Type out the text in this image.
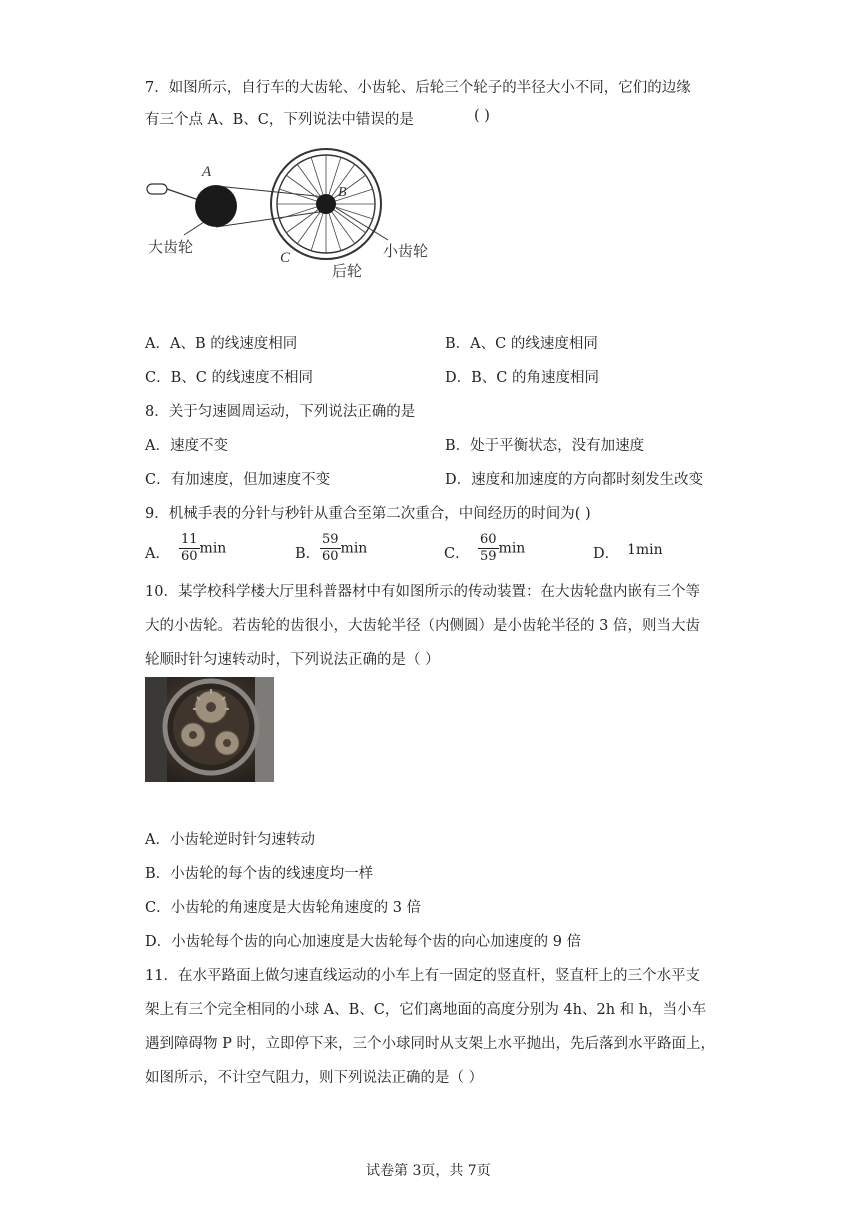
7．如图所示，自行车的大齿轮、小齿轮、后轮三个轮子的半径大小不同，它们的边缘
有三个点 A、B、C，下列说法中错误的是	( )
A
B
C
大齿轮	小齿轮
后轮
A．A、B 的线速度相同	B．A、C 的线速度相同
C．B、C 的线速度不相同	D．B、C 的角速度相同
8．关于匀速圆周运动，下列说法正确的是
A．速度不变	B．处于平衡状态，没有加速度
C．有加速度，但加速度不变	D．速度和加速度的方向都时刻发生改变
9．机械手表的分针与秒针从重合至第二次重合，中间经历的时间为( )
A． $\frac{11}{60}$ min	B． $\frac{59}{60}$ min	C． $\frac{60}{59}$ min	D． 1min
10．某学校科学楼大厅里科普器材中有如图所示的传动装置：在大齿轮盘内嵌有三个等
大的小齿轮。若齿轮的齿很小，大齿轮半径（内侧圆）是小齿轮半径的 3 倍，则当大齿
轮顺时针匀速转动时，下列说法正确的是（ ）
A．小齿轮逆时针匀速转动
B．小齿轮的每个齿的线速度均一样
C．小齿轮的角速度是大齿轮角速度的 3 倍
D．小齿轮每个齿的向心加速度是大齿轮每个齿的向心加速度的 9 倍
11．在水平路面上做匀速直线运动的小车上有一固定的竖直杆，竖直杆上的三个水平支
架上有三个完全相同的小球 A、B、C，它们离地面的高度分别为 4h、2h 和 h，当小车
遇到障碍物 P 时，立即停下来，三个小球同时从支架上水平抛出，先后落到水平路面上，
如图所示，不计空气阻力，则下列说法正确的是（ ）
试卷第 3页，共 7页
